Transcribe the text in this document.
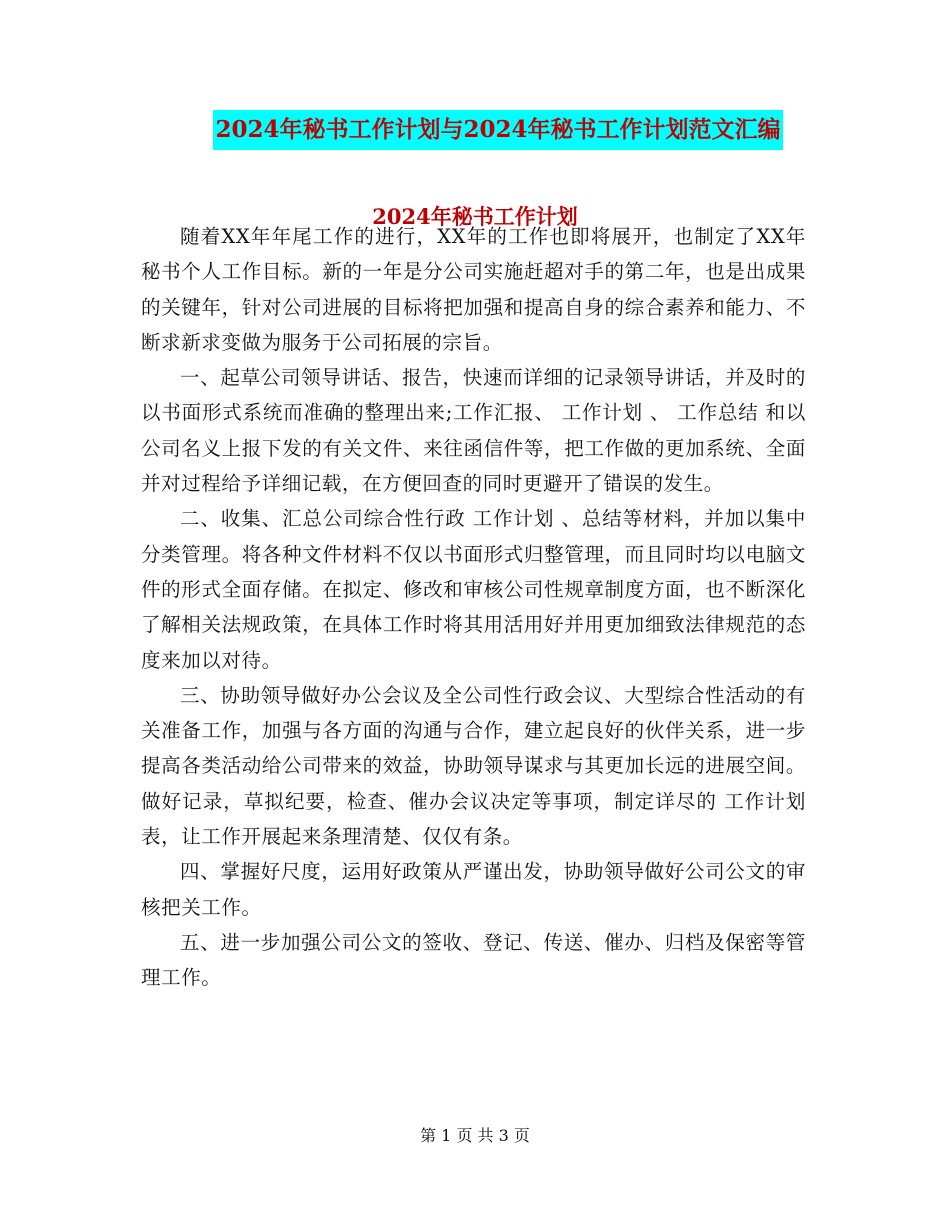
2024年秘书工作计划与2024年秘书工作计划范文汇编
2024年秘书工作计划

随着XX年年尾工作的进行，XX年的工作也即将展开，也制定了XX年秘书个人工作目标。新的一年是分公司实施赶超对手的第二年，也是出成果的关键年，针对公司进展的目标将把加强和提高自身的综合素养和能力、不断求新求变做为服务于公司拓展的宗旨。

一、起草公司领导讲话、报告，快速而详细的记录领导讲话，并及时的以书面形式系统而准确的整理出来;工作汇报、 工作计划 、 工作总结 和以公司名义上报下发的有关文件、来往函信件等，把工作做的更加系统、全面并对过程给予详细记载，在方便回查的同时更避开了错误的发生。

二、收集、汇总公司综合性行政 工作计划 、总结等材料，并加以集中分类管理。将各种文件材料不仅以书面形式归整管理，而且同时均以电脑文件的形式全面存储。在拟定、修改和审核公司性规章制度方面，也不断深化了解相关法规政策，在具体工作时将其用活用好并用更加细致法律规范的态度来加以对待。

三、协助领导做好办公会议及全公司性行政会议、大型综合性活动的有关准备工作，加强与各方面的沟通与合作，建立起良好的伙伴关系，进一步提高各类活动给公司带来的效益，协助领导谋求与其更加长远的进展空间。做好记录，草拟纪要，检查、催办会议决定等事项，制定详尽的 工作计划 表，让工作开展起来条理清楚、仅仅有条。

四、掌握好尺度，运用好政策从严谨出发，协助领导做好公司公文的审核把关工作。

五、进一步加强公司公文的签收、登记、传送、催办、归档及保密等管理工作。

第 1 页 共 3 页
